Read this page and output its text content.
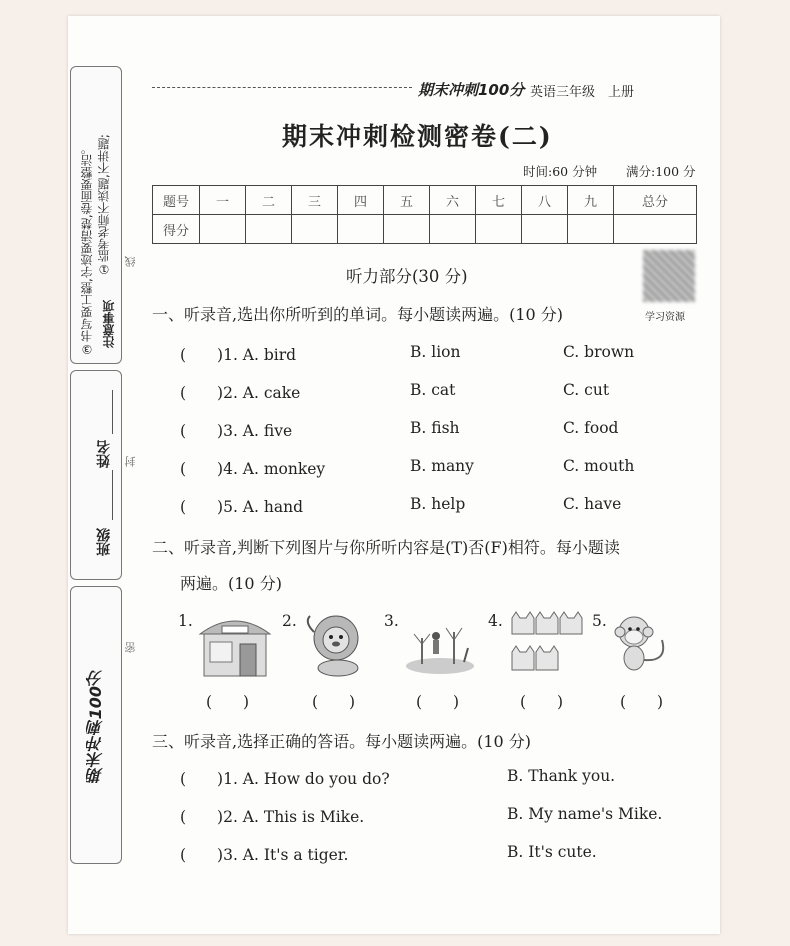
①监考老师不读题,不讲题;
③书写要工整,字迹要清楚,卷面要整洁。 注意事项
线
姓名
班级
封
期末冲刺100分
密
期末冲刺100分 英语三年级　上册
期末冲刺检测密卷(二)
时间:60 分钟 满分:100 分
题号	一	二	三	四	五	六	七	八	九	总分
得分										
学习资源
听力部分(30 分)
一、听录音,选出你所听到的单词。每小题读两遍。(10 分)
(　　)1. A. bird	B. lion	C. brown
(　　)2. A. cake	B. cat	C. cut
(　　)3. A. five	B. fish	C. food
(　　)4. A. monkey	B. many	C. mouth
(　　)5. A. hand	B. help	C. have
二、听录音,判断下列图片与你所听内容是(T)否(F)相符。每小题读
两遍。(10 分)
1.	2.	3.	4.	5.
(　　)	(　　)	(　　)	(　　)	(　　)
三、听录音,选择正确的答语。每小题读两遍。(10 分)
(　　)1. A. How do you do?	B. Thank you.
(　　)2. A. This is Mike.	B. My name's Mike.
(　　)3. A. It's a tiger.	B. It's cute.
